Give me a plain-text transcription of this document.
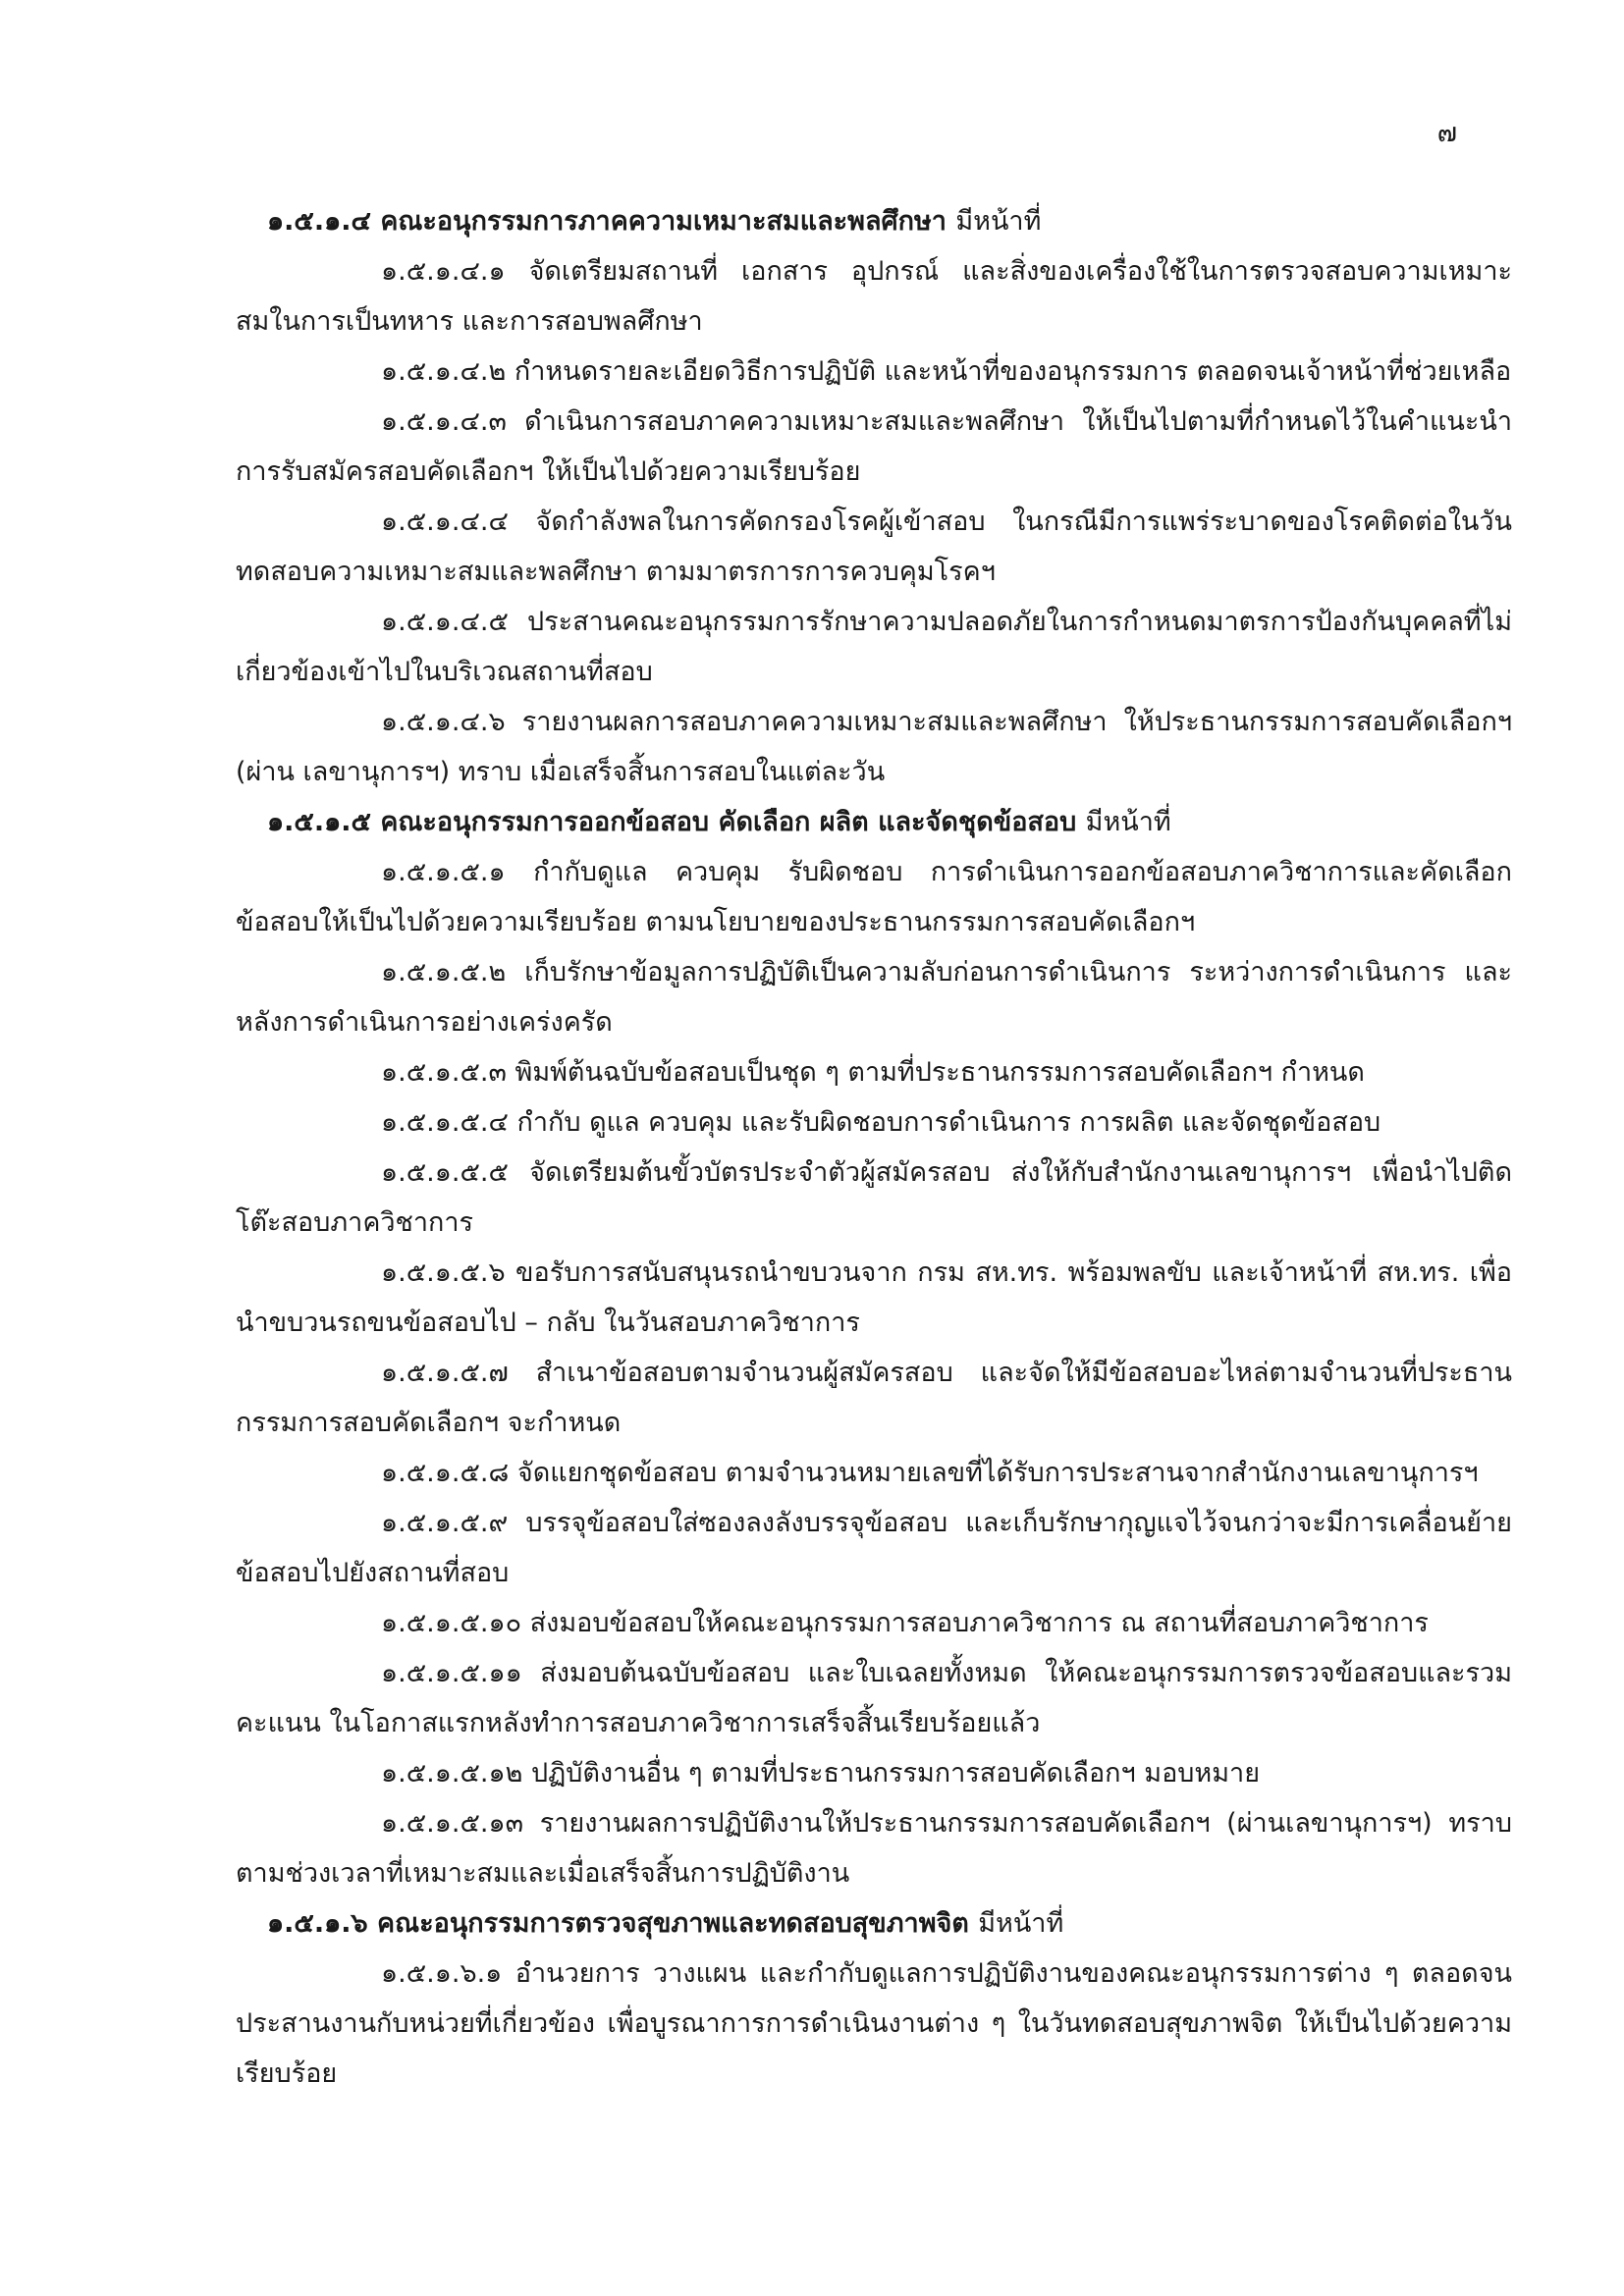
๗

๑.๕.๑.๔ คณะอนุกรรมการภาคความเหมาะสมและพลศึกษา มีหน้าที่

๑.๕.๑.๔.๑ จัดเตรียมสถานที่ เอกสาร อุปกรณ์ และสิ่งของเครื่องใช้ในการตรวจสอบความเหมาะสมในการเป็นทหาร และการสอบพลศึกษา

๑.๕.๑.๔.๒ กำหนดรายละเอียดวิธีการปฏิบัติ และหน้าที่ของอนุกรรมการ ตลอดจนเจ้าหน้าที่ช่วยเหลือ

๑.๕.๑.๔.๓ ดำเนินการสอบภาคความเหมาะสมและพลศึกษา ให้เป็นไปตามที่กำหนดไว้ในคำแนะนำการรับสมัครสอบคัดเลือกฯ ให้เป็นไปด้วยความเรียบร้อย

๑.๕.๑.๔.๔ จัดกำลังพลในการคัดกรองโรคผู้เข้าสอบ ในกรณีมีการแพร่ระบาดของโรคติดต่อในวันทดสอบความเหมาะสมและพลศึกษา ตามมาตรการการควบคุมโรคฯ

๑.๕.๑.๔.๕ ประสานคณะอนุกรรมการรักษาความปลอดภัยในการกำหนดมาตรการป้องกันบุคคลที่ไม่เกี่ยวข้องเข้าไปในบริเวณสถานที่สอบ

๑.๕.๑.๔.๖ รายงานผลการสอบภาคความเหมาะสมและพลศึกษา ให้ประธานกรรมการสอบคัดเลือกฯ (ผ่าน เลขานุการฯ) ทราบ เมื่อเสร็จสิ้นการสอบในแต่ละวัน

๑.๕.๑.๕ คณะอนุกรรมการออกข้อสอบ คัดเลือก ผลิต และจัดชุดข้อสอบ มีหน้าที่

๑.๕.๑.๕.๑ กำกับดูแล ควบคุม รับผิดชอบ การดำเนินการออกข้อสอบภาควิชาการและคัดเลือกข้อสอบให้เป็นไปด้วยความเรียบร้อย ตามนโยบายของประธานกรรมการสอบคัดเลือกฯ

๑.๕.๑.๕.๒ เก็บรักษาข้อมูลการปฏิบัติเป็นความลับก่อนการดำเนินการ ระหว่างการดำเนินการ และหลังการดำเนินการอย่างเคร่งครัด

๑.๕.๑.๕.๓ พิมพ์ต้นฉบับข้อสอบเป็นชุด ๆ ตามที่ประธานกรรมการสอบคัดเลือกฯ กำหนด

๑.๕.๑.๕.๔ กำกับ ดูแล ควบคุม และรับผิดชอบการดำเนินการ การผลิต และจัดชุดข้อสอบ

๑.๕.๑.๕.๕ จัดเตรียมต้นขั้วบัตรประจำตัวผู้สมัครสอบ ส่งให้กับสำนักงานเลขานุการฯ เพื่อนำไปติดโต๊ะสอบภาควิชาการ

๑.๕.๑.๕.๖ ขอรับการสนับสนุนรถนำขบวนจาก กรม สห.ทร. พร้อมพลขับ และเจ้าหน้าที่ สห.ทร. เพื่อนำขบวนรถขนข้อสอบไป – กลับ ในวันสอบภาควิชาการ

๑.๕.๑.๕.๗ สำเนาข้อสอบตามจำนวนผู้สมัครสอบ และจัดให้มีข้อสอบอะไหล่ตามจำนวนที่ประธานกรรมการสอบคัดเลือกฯ จะกำหนด

๑.๕.๑.๕.๘ จัดแยกชุดข้อสอบ ตามจำนวนหมายเลขที่ได้รับการประสานจากสำนักงานเลขานุการฯ

๑.๕.๑.๕.๙ บรรจุข้อสอบใส่ซองลงลังบรรจุข้อสอบ และเก็บรักษากุญแจไว้จนกว่าจะมีการเคลื่อนย้ายข้อสอบไปยังสถานที่สอบ

๑.๕.๑.๕.๑๐ ส่งมอบข้อสอบให้คณะอนุกรรมการสอบภาควิชาการ ณ สถานที่สอบภาควิชาการ

๑.๕.๑.๕.๑๑ ส่งมอบต้นฉบับข้อสอบ และใบเฉลยทั้งหมด ให้คณะอนุกรรมการตรวจข้อสอบและรวมคะแนน ในโอกาสแรกหลังทำการสอบภาควิชาการเสร็จสิ้นเรียบร้อยแล้ว

๑.๕.๑.๕.๑๒ ปฏิบัติงานอื่น ๆ ตามที่ประธานกรรมการสอบคัดเลือกฯ มอบหมาย

๑.๕.๑.๕.๑๓ รายงานผลการปฏิบัติงานให้ประธานกรรมการสอบคัดเลือกฯ (ผ่านเลขานุการฯ) ทราบตามช่วงเวลาที่เหมาะสมและเมื่อเสร็จสิ้นการปฏิบัติงาน

๑.๕.๑.๖ คณะอนุกรรมการตรวจสุขภาพและทดสอบสุขภาพจิต มีหน้าที่

๑.๕.๑.๖.๑ อำนวยการ วางแผน และกำกับดูแลการปฏิบัติงานของคณะอนุกรรมการต่าง ๆ ตลอดจนประสานงานกับหน่วยที่เกี่ยวข้อง เพื่อบูรณาการการดำเนินงานต่าง ๆ ในวันทดสอบสุขภาพจิต ให้เป็นไปด้วยความเรียบร้อย
